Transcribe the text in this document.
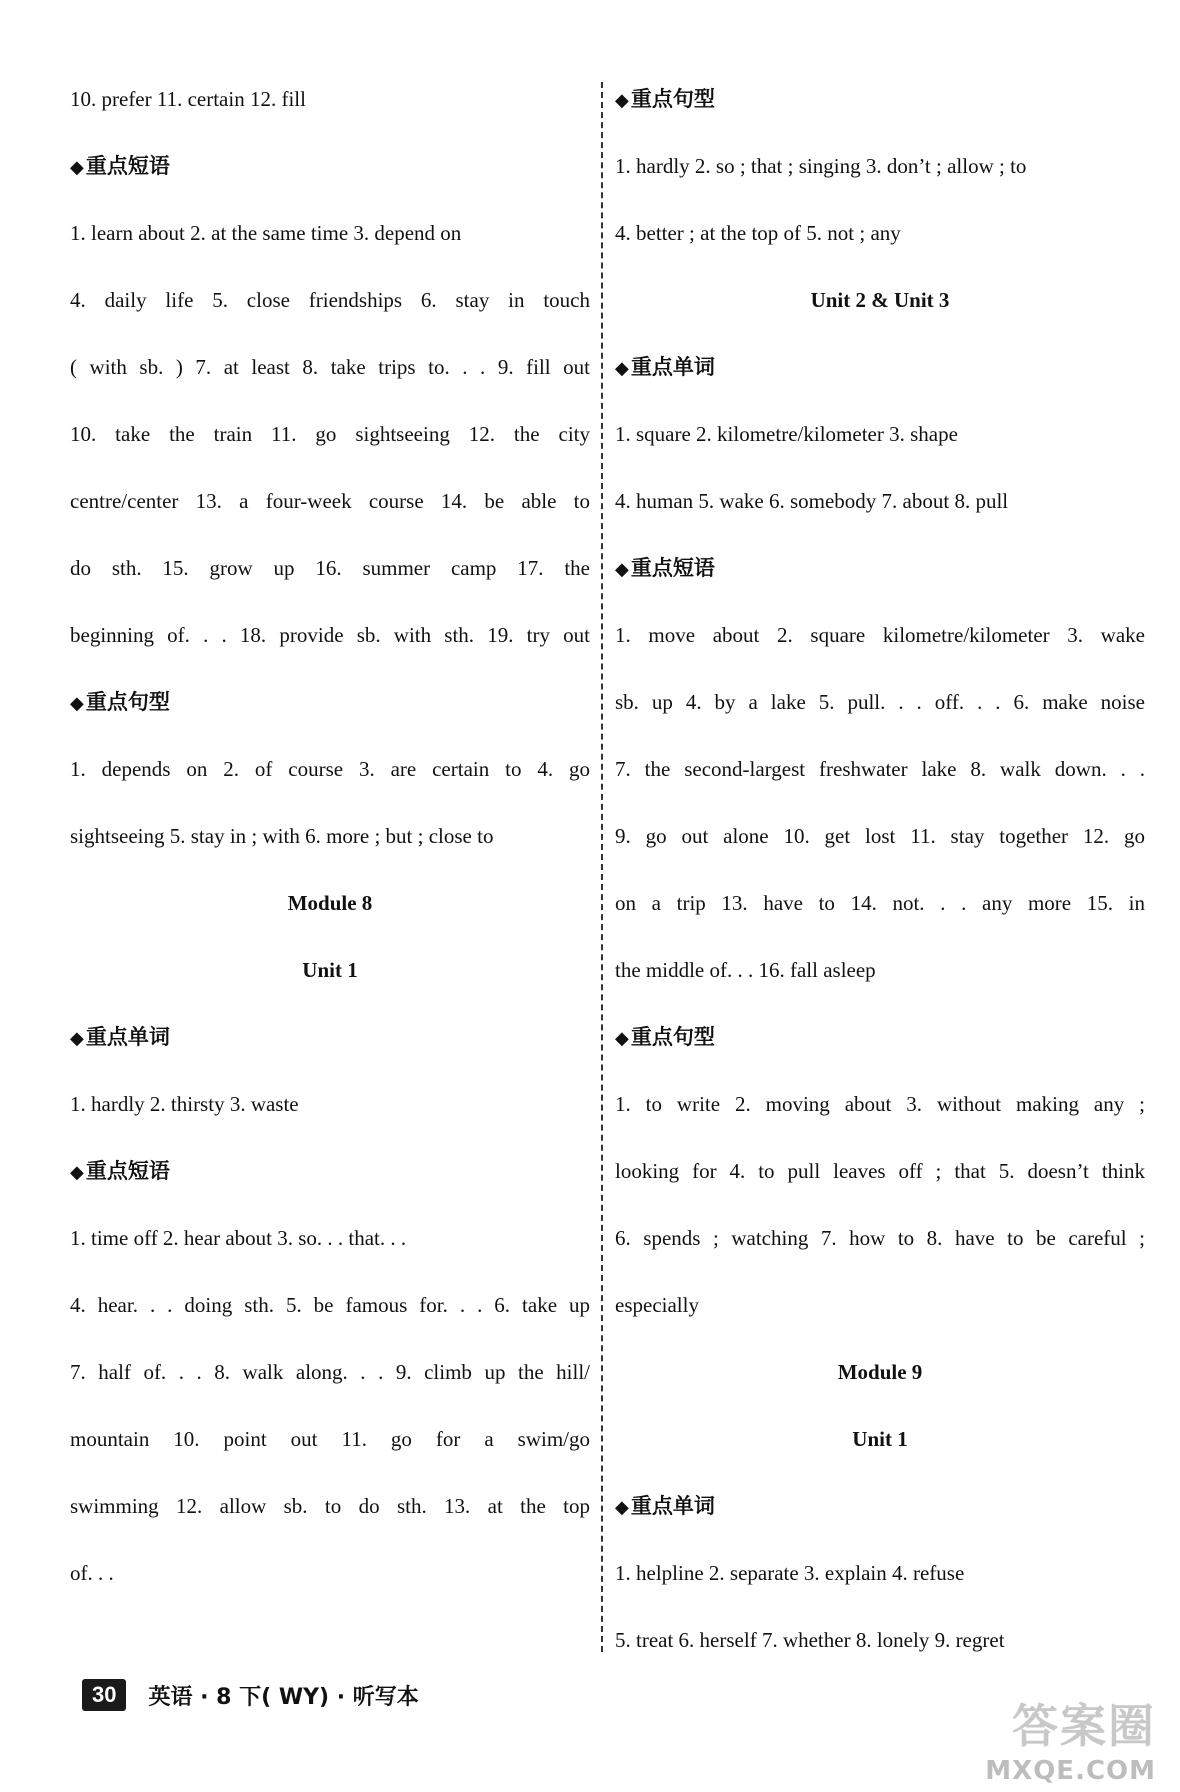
10. prefer 11. certain 12. fill
◆重点短语
1. learn about 2. at the same time 3. depend on
4. daily life 5. close friendships 6. stay in touch
( with sb. ) 7. at least 8. take trips to. . . 9. fill out
10. take the train 11. go sightseeing 12. the city
centre/center 13. a four-week course 14. be able to
do sth. 15. grow up 16. summer camp 17. the
beginning of. . . 18. provide sb. with sth. 19. try out
◆重点句型
1. depends on 2. of course 3. are certain to 4. go
sightseeing 5. stay in ; with 6. more ; but ; close to
Module 8
Unit 1
◆重点单词
1. hardly 2. thirsty 3. waste
◆重点短语
1. time off 2. hear about 3. so. . . that. . .
4. hear. . . doing sth. 5. be famous for. . . 6. take up
7. half of. . . 8. walk along. . . 9. climb up the hill/
mountain 10. point out 11. go for a swim/go
swimming 12. allow sb. to do sth. 13. at the top
of. . .
◆重点句型
1. hardly 2. so ; that ; singing 3. don’t ; allow ; to
4. better ; at the top of 5. not ; any
Unit 2 & Unit 3
◆重点单词
1. square 2. kilometre/kilometer 3. shape
4. human 5. wake 6. somebody 7. about 8. pull
◆重点短语
1. move about 2. square kilometre/kilometer 3. wake
sb. up 4. by a lake 5. pull. . . off. . . 6. make noise
7. the second-largest freshwater lake 8. walk down. . .
9. go out alone 10. get lost 11. stay together 12. go
on a trip 13. have to 14. not. . . any more 15. in
the middle of. . . 16. fall asleep
◆重点句型
1. to write 2. moving about 3. without making any ;
looking for 4. to pull leaves off ; that 5. doesn’t think
6. spends ; watching 7. how to 8. have to be careful ;
especially
Module 9
Unit 1
◆重点单词
1. helpline 2. separate 3. explain 4. refuse
5. treat 6. herself 7. whether 8. lonely 9. regret
30	英语 · 8 下( WY) · 听写本
答案圈
MXQE.COM
